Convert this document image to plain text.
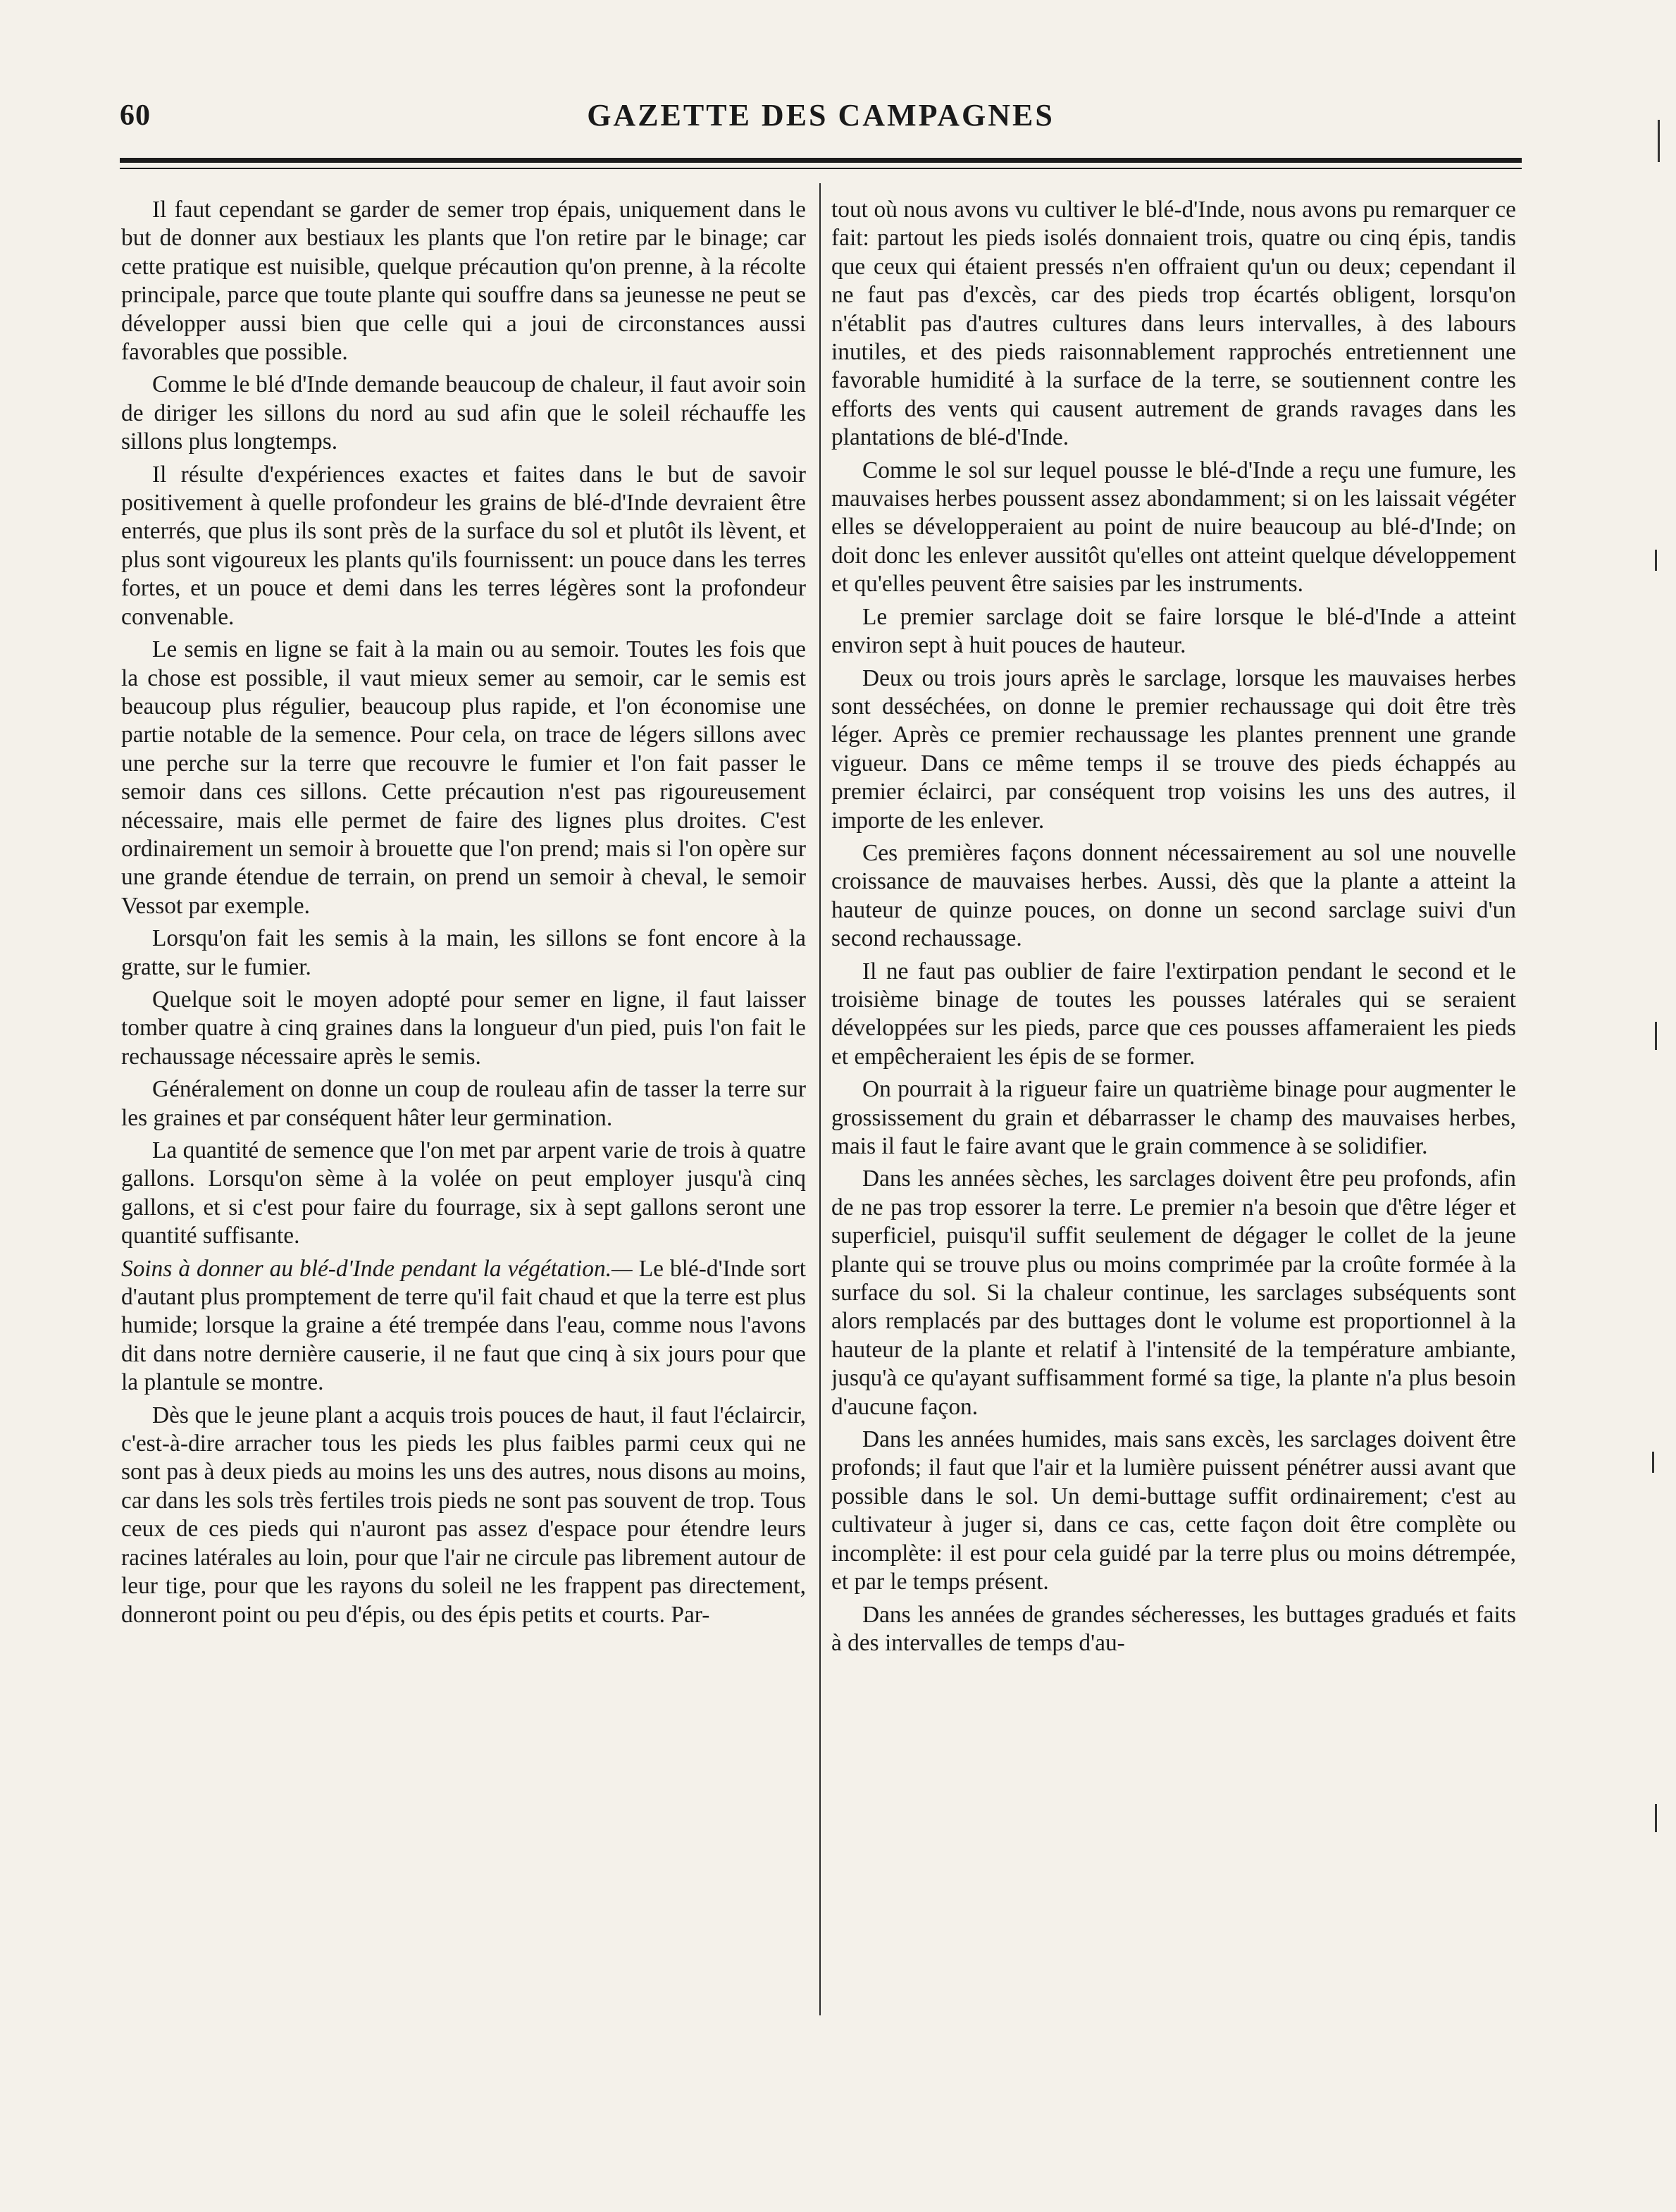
60	GAZETTE DES CAMPAGNES

Il faut cependant se garder de semer trop épais, uniquement dans le but de donner aux bestiaux les plants que l'on retire par le binage; car cette pratique est nuisible, quelque précaution qu'on prenne, à la récolte principale, parce que toute plante qui souffre dans sa jeunesse ne peut se développer aussi bien que celle qui a joui de circonstances aussi favorables que possible.

Comme le blé d'Inde demande beaucoup de chaleur, il faut avoir soin de diriger les sillons du nord au sud afin que le soleil réchauffe les sillons plus longtemps.

Il résulte d'expériences exactes et faites dans le but de savoir positivement à quelle profondeur les grains de blé-d'Inde devraient être enterrés, que plus ils sont près de la surface du sol et plutôt ils lèvent, et plus sont vigoureux les plants qu'ils fournissent: un pouce dans les terres fortes, et un pouce et demi dans les terres légères sont la profondeur convenable.

Le semis en ligne se fait à la main ou au semoir. Toutes les fois que la chose est possible, il vaut mieux semer au semoir, car le semis est beaucoup plus régulier, beaucoup plus rapide, et l'on économise une partie notable de la semence. Pour cela, on trace de légers sillons avec une perche sur la terre que recouvre le fumier et l'on fait passer le semoir dans ces sillons. Cette précaution n'est pas rigoureusement nécessaire, mais elle permet de faire des lignes plus droites. C'est ordinairement un semoir à brouette que l'on prend; mais si l'on opère sur une grande étendue de terrain, on prend un semoir à cheval, le semoir Vessot par exemple.

Lorsqu'on fait les semis à la main, les sillons se font encore à la gratte, sur le fumier.

Quelque soit le moyen adopté pour semer en ligne, il faut laisser tomber quatre à cinq graines dans la longueur d'un pied, puis l'on fait le rechaussage nécessaire après le semis.

Généralement on donne un coup de rouleau afin de tasser la terre sur les graines et par conséquent hâter leur germination.

La quantité de semence que l'on met par arpent varie de trois à quatre gallons. Lorsqu'on sème à la volée on peut employer jusqu'à cinq gallons, et si c'est pour faire du fourrage, six à sept gallons seront une quantité suffisante.

Soins à donner au blé-d'Inde pendant la végétation.— Le blé-d'Inde sort d'autant plus promptement de terre qu'il fait chaud et que la terre est plus humide; lorsque la graine a été trempée dans l'eau, comme nous l'avons dit dans notre dernière causerie, il ne faut que cinq à six jours pour que la plantule se montre.

Dès que le jeune plant a acquis trois pouces de haut, il faut l'éclaircir, c'est-à-dire arracher tous les pieds les plus faibles parmi ceux qui ne sont pas à deux pieds au moins les uns des autres, nous disons au moins, car dans les sols très fertiles trois pieds ne sont pas souvent de trop. Tous ceux de ces pieds qui n'auront pas assez d'espace pour étendre leurs racines latérales au loin, pour que l'air ne circule pas librement autour de leur tige, pour que les rayons du soleil ne les frappent pas directement, donneront point ou peu d'épis, ou des épis petits et courts. Par-

tout où nous avons vu cultiver le blé-d'Inde, nous avons pu remarquer ce fait: partout les pieds isolés donnaient trois, quatre ou cinq épis, tandis que ceux qui étaient pressés n'en offraient qu'un ou deux; cependant il ne faut pas d'excès, car des pieds trop écartés obligent, lorsqu'on n'établit pas d'autres cultures dans leurs intervalles, à des labours inutiles, et des pieds raisonnablement rapprochés entretiennent une favorable humidité à la surface de la terre, se soutiennent contre les efforts des vents qui causent autrement de grands ravages dans les plantations de blé-d'Inde.

Comme le sol sur lequel pousse le blé-d'Inde a reçu une fumure, les mauvaises herbes poussent assez abondamment; si on les laissait végéter elles se développeraient au point de nuire beaucoup au blé-d'Inde; on doit donc les enlever aussitôt qu'elles ont atteint quelque développement et qu'elles peuvent être saisies par les instruments.

Le premier sarclage doit se faire lorsque le blé-d'Inde a atteint environ sept à huit pouces de hauteur.

Deux ou trois jours après le sarclage, lorsque les mauvaises herbes sont desséchées, on donne le premier rechaussage qui doit être très léger. Après ce premier rechaussage les plantes prennent une grande vigueur. Dans ce même temps il se trouve des pieds échappés au premier éclairci, par conséquent trop voisins les uns des autres, il importe de les enlever.

Ces premières façons donnent nécessairement au sol une nouvelle croissance de mauvaises herbes. Aussi, dès que la plante a atteint la hauteur de quinze pouces, on donne un second sarclage suivi d'un second rechaussage.

Il ne faut pas oublier de faire l'extirpation pendant le second et le troisième binage de toutes les pousses latérales qui se seraient développées sur les pieds, parce que ces pousses affameraient les pieds et empêcheraient les épis de se former.

On pourrait à la rigueur faire un quatrième binage pour augmenter le grossissement du grain et débarrasser le champ des mauvaises herbes, mais il faut le faire avant que le grain commence à se solidifier.

Dans les années sèches, les sarclages doivent être peu profonds, afin de ne pas trop essorer la terre. Le premier n'a besoin que d'être léger et superficiel, puisqu'il suffit seulement de dégager le collet de la jeune plante qui se trouve plus ou moins comprimée par la croûte formée à la surface du sol. Si la chaleur continue, les sarclages subséquents sont alors remplacés par des buttages dont le volume est proportionnel à la hauteur de la plante et relatif à l'intensité de la température ambiante, jusqu'à ce qu'ayant suffisamment formé sa tige, la plante n'a plus besoin d'aucune façon.

Dans les années humides, mais sans excès, les sarclages doivent être profonds; il faut que l'air et la lumière puissent pénétrer aussi avant que possible dans le sol. Un demi-buttage suffit ordinairement; c'est au cultivateur à juger si, dans ce cas, cette façon doit être complète ou incomplète: il est pour cela guidé par la terre plus ou moins détrempée, et par le temps présent.

Dans les années de grandes sécheresses, les buttages gradués et faits à des intervalles de temps d'au-
